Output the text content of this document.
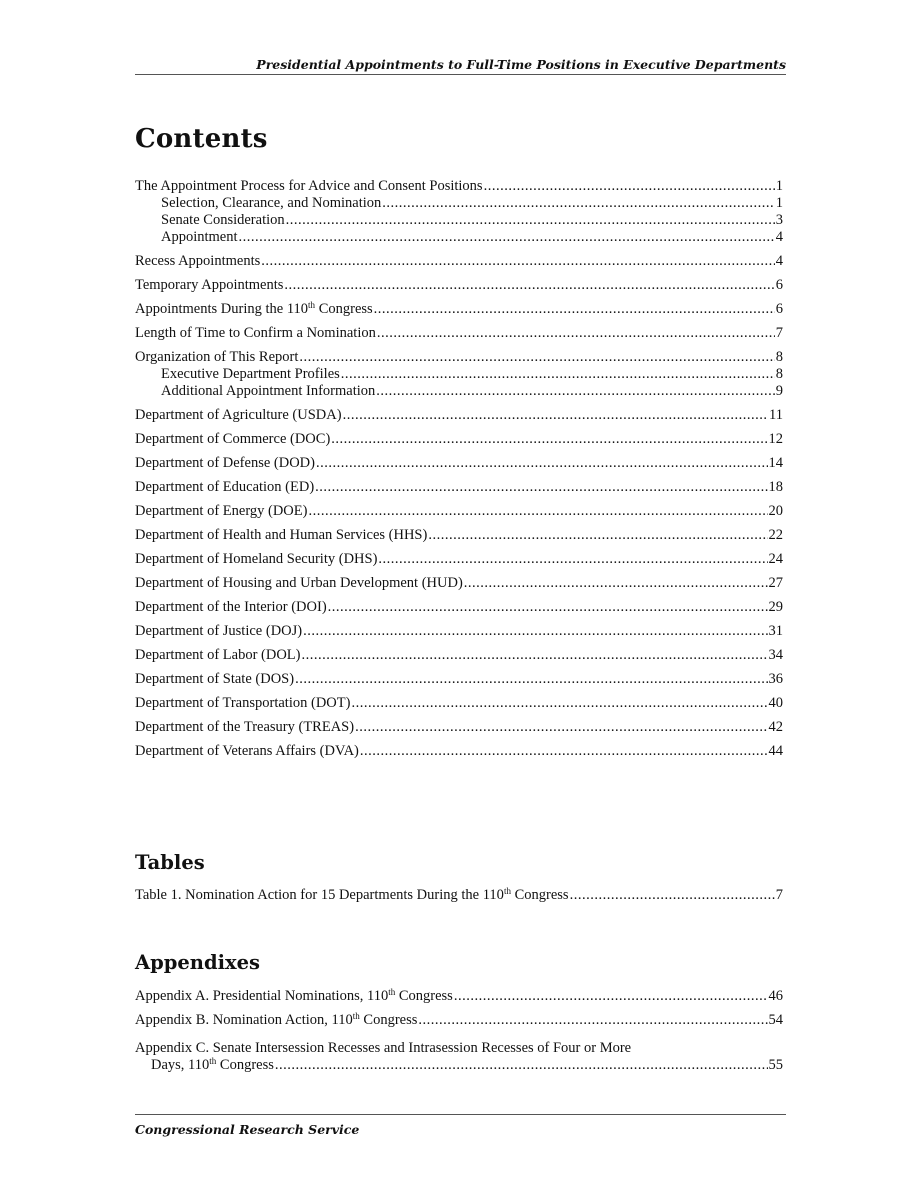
Presidential Appointments to Full-Time Positions in Executive Departments
Contents
The Appointment Process for Advice and Consent Positions .....	1
Selection, Clearance, and Nomination .....	1
Senate Consideration .....	3
Appointment .....	4
Recess Appointments .....	4
Temporary Appointments .....	6
Appointments During the 110th Congress .....	6
Length of Time to Confirm a Nomination .....	7
Organization of This Report .....	8
Executive Department Profiles .....	8
Additional Appointment Information .....	9
Department of Agriculture (USDA) .....	11
Department of Commerce (DOC) .....	12
Department of Defense (DOD) .....	14
Department of Education (ED) .....	18
Department of Energy (DOE) .....	20
Department of Health and Human Services (HHS) .....	22
Department of Homeland Security (DHS) .....	24
Department of Housing and Urban Development (HUD) .....	27
Department of the Interior (DOI) .....	29
Department of Justice (DOJ) .....	31
Department of Labor (DOL) .....	34
Department of State (DOS) .....	36
Department of Transportation (DOT) .....	40
Department of the Treasury (TREAS) .....	42
Department of Veterans Affairs (DVA) .....	44
Tables
Table 1. Nomination Action for 15 Departments During the 110th Congress .....	7
Appendixes
Appendix A. Presidential Nominations, 110th Congress .....	46
Appendix B. Nomination Action, 110th Congress .....	54
Appendix C. Senate Intersession Recesses and Intrasession Recesses of Four or More
Days, 110th Congress .....	55
Congressional Research Service
